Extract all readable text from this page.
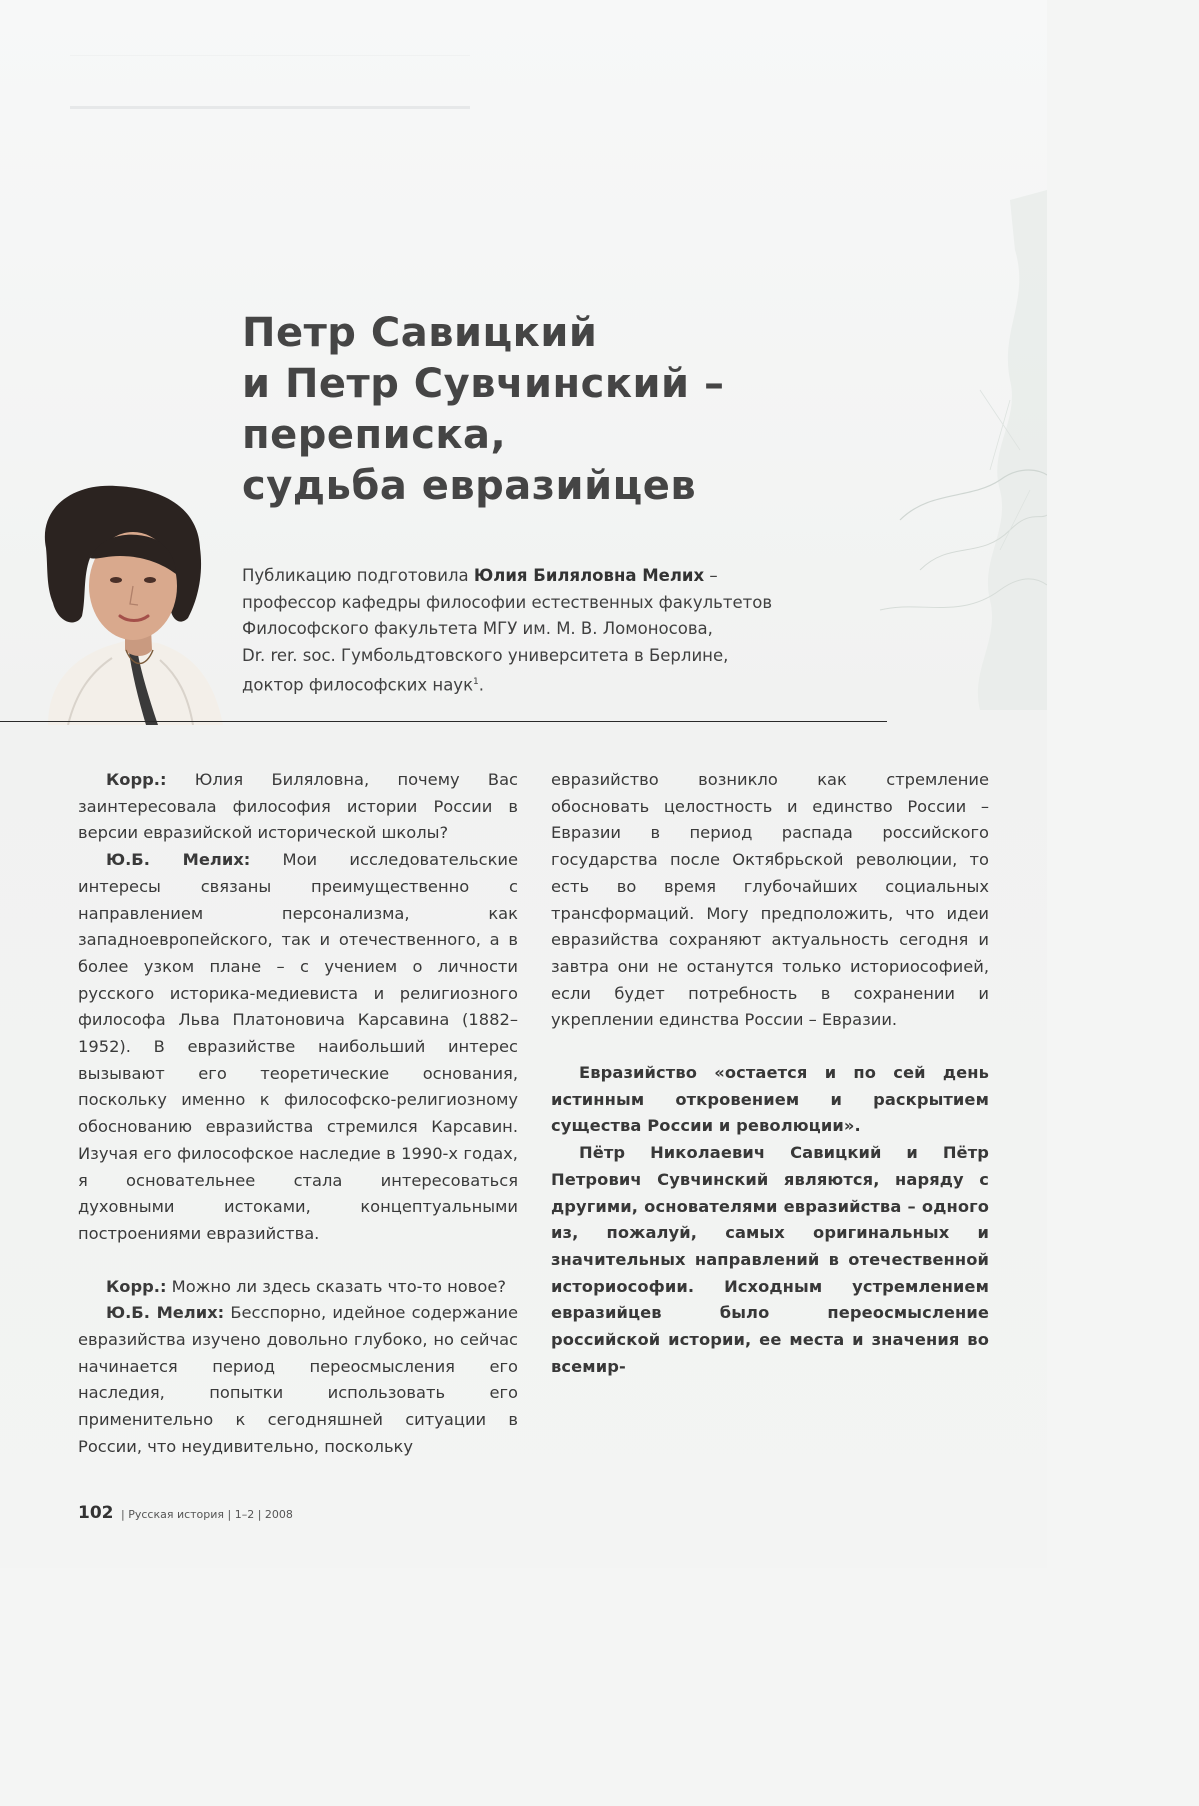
Петр Савицкий
и Петр Сувчинский –
переписка,
судьба евразийцев
Публикацию подготовила Юлия Биляловна Мелих –
профессор кафедры философии естественных факультетов
Философского факультета МГУ им. М. В. Ломоносова,
Dr. rer. soc. Гумбольдтовского университета в Берлине,
доктор философских наук$^1$.

Корр.: Юлия Биляловна, почему Вас заинтересовала философия истории России в версии евразийской исторической школы?

Ю.Б. Мелих: Мои исследовательские интересы связаны преимущественно с направлением персонализма, как западноевропейского, так и отечественного, а в более узком плане – с учением о личности русского историка-медиевиста и религиозного философа Льва Платоновича Карсавина (1882–1952). В евразийстве наибольший интерес вызывают его теоретические основания, поскольку именно к философско-религиозному обоснованию евразийства стремился Карсавин. Изучая его философское наследие в 1990-х годах, я основательнее стала интересоваться духовными истоками, концептуальными построениями евразийства.

Корр.: Можно ли здесь сказать что-то новое?

Ю.Б. Мелих: Бесспорно, идейное содержание евразийства изучено довольно глубоко, но сейчас начинается период переосмысления его наследия, попытки использовать его применительно к сегодняшней ситуации в России, что неудивительно, поскольку

евразийство возникло как стремление обосновать целостность и единство России – Евразии в период распада российского государства после Октябрьской революции, то есть во время глубочайших социальных трансформаций. Могу предположить, что идеи евразийства сохраняют актуальность сегодня и завтра они не останутся только историософией, если будет потребность в сохранении и укреплении единства России – Евразии.

Евразийство «остается и по сей день истинным откровением и раскрытием существа России и революции».

Пётр Николаевич Савицкий и Пётр Петрович Сувчинский являются, наряду с другими, основателями евразийства – одного из, пожалуй, самых оригинальных и значительных направлений в отечественной историософии. Исходным устремлением евразийцев было переосмысление российской истории, ее места и значения во всемир-

102 | Русская история | 1–2 | 2008
